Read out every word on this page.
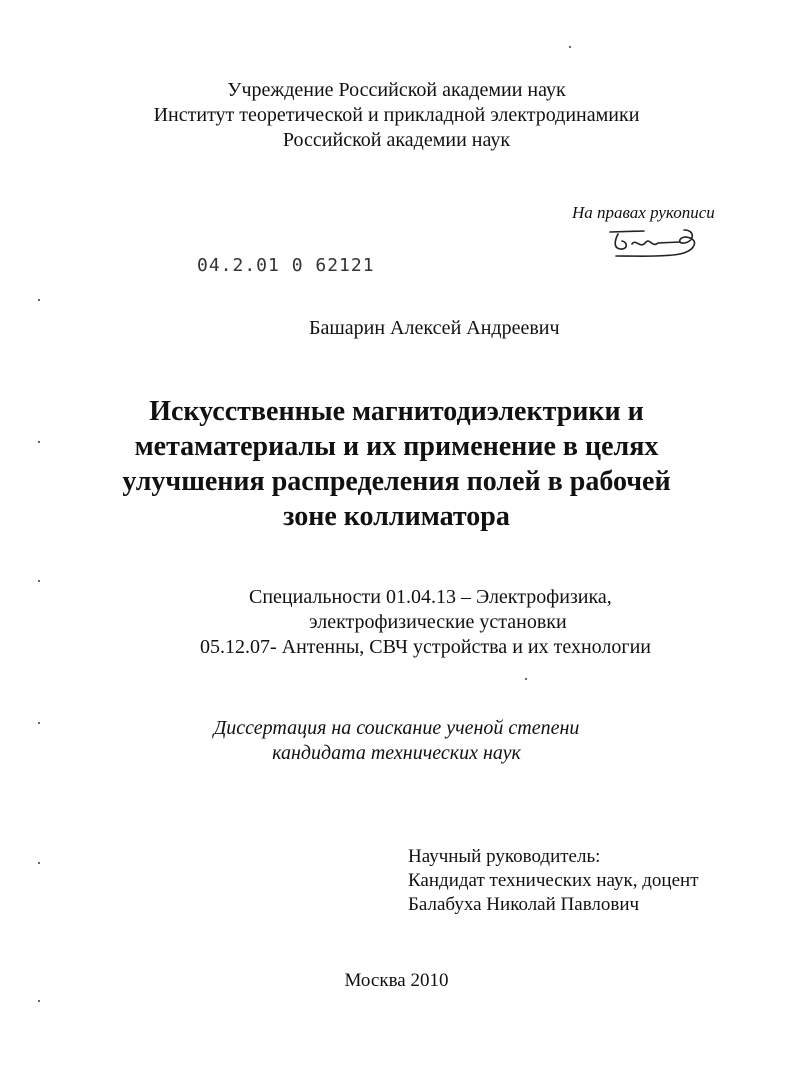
Учреждение Российской академии наук
Институт теоретической и прикладной электродинамики
Российской академии наук
На правах рукописи
04.2.01 0 62121
Башарин Алексей Андреевич
Искусственные магнитодиэлектрики и
метаматериалы и их применение в целях
улучшения распределения полей в рабочей
зоне коллиматора
Специальности 01.04.13 – Электрофизика,
электрофизические установки
05.12.07- Антенны, СВЧ устройства и их технологии
Диссертация на соискание ученой степени
кандидата технических наук
Научный руководитель:
Кандидат технических наук, доцент
Балабуха Николай Павлович
Москва 2010
